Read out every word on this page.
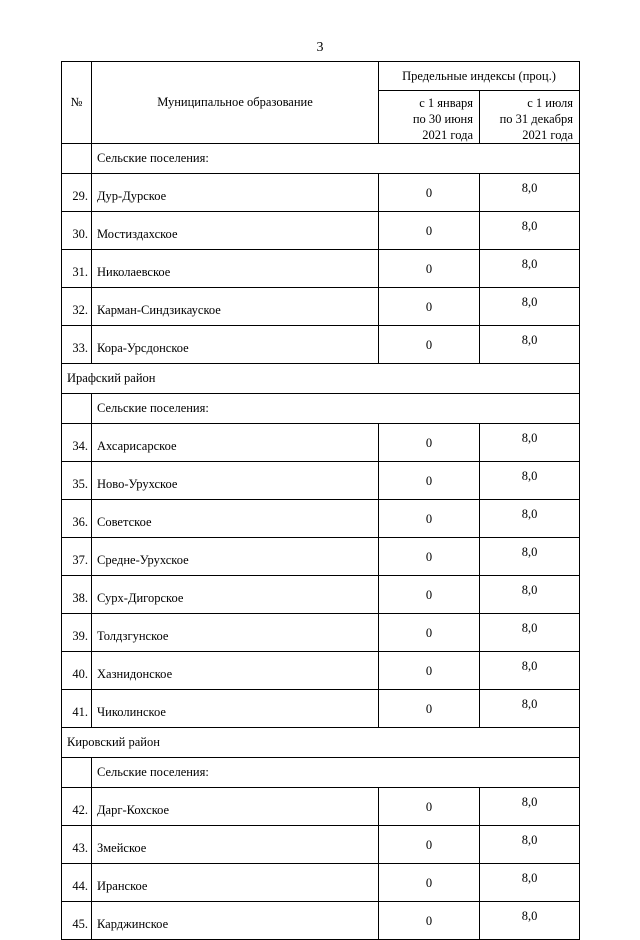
3
№	Муниципальное образование	Предельные индексы (проц.)	

		с 1 января
по 30 июня
2021 года	с 1 июля
по 31 декабря
2021 года

	Сельские поселения:		
29.	Дур-Дурское	0	8,0
30.	Мостиздахское	0	8,0
31.	Николаевское	0	8,0
32.	Карман-Синдзикауское	0	8,0
33.	Кора-Урсдонское	0	8,0
Ирафский район			
	Сельские поселения:		
34.	Ахсарисарское	0	8,0
35.	Ново-Урухское	0	8,0
36.	Советское	0	8,0
37.	Средне-Урухское	0	8,0
38.	Сурх-Дигорское	0	8,0
39.	Толдзгунское	0	8,0
40.	Хазнидонское	0	8,0
41.	Чиколинское	0	8,0
Кировский район			
	Сельские поселения:		
42.	Дарг-Кохское	0	8,0
43.	Змейское	0	8,0
44.	Иранское	0	8,0
45.	Карджинское	0	8,0
